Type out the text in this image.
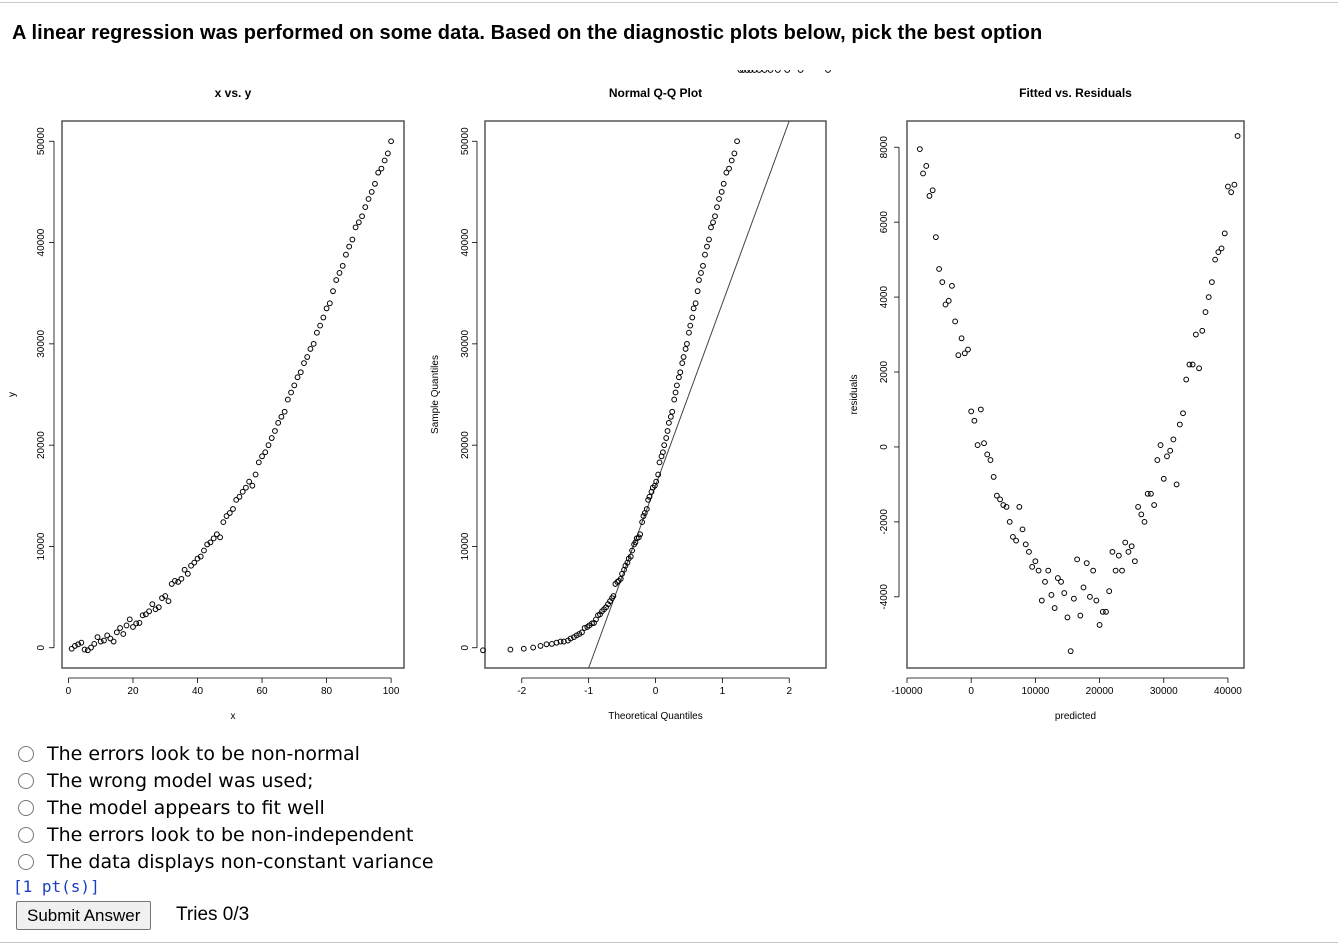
A linear regression was performed on some data. Based on the diagnostic plots below, pick the best option

x vs. y
0	20	40	60	80	100
x
0
10000
20000
30000
40000
50000
y
Normal Q-Q Plot
-2	-1	0	1	2
Theoretical Quantiles
0
10000
20000
30000
40000
50000
Sample Quantiles
Fitted vs. Residuals
-10000	0	10000	20000	30000	40000
predicted
-4000
-2000
0
2000
4000
6000
8000
residuals
The errors look to be non-normal
The wrong model was used;
The model appears to fit well
The errors look to be non-independent
The data displays non-constant variance
[1 pt(s)]
Submit Answer	Tries 0/3
